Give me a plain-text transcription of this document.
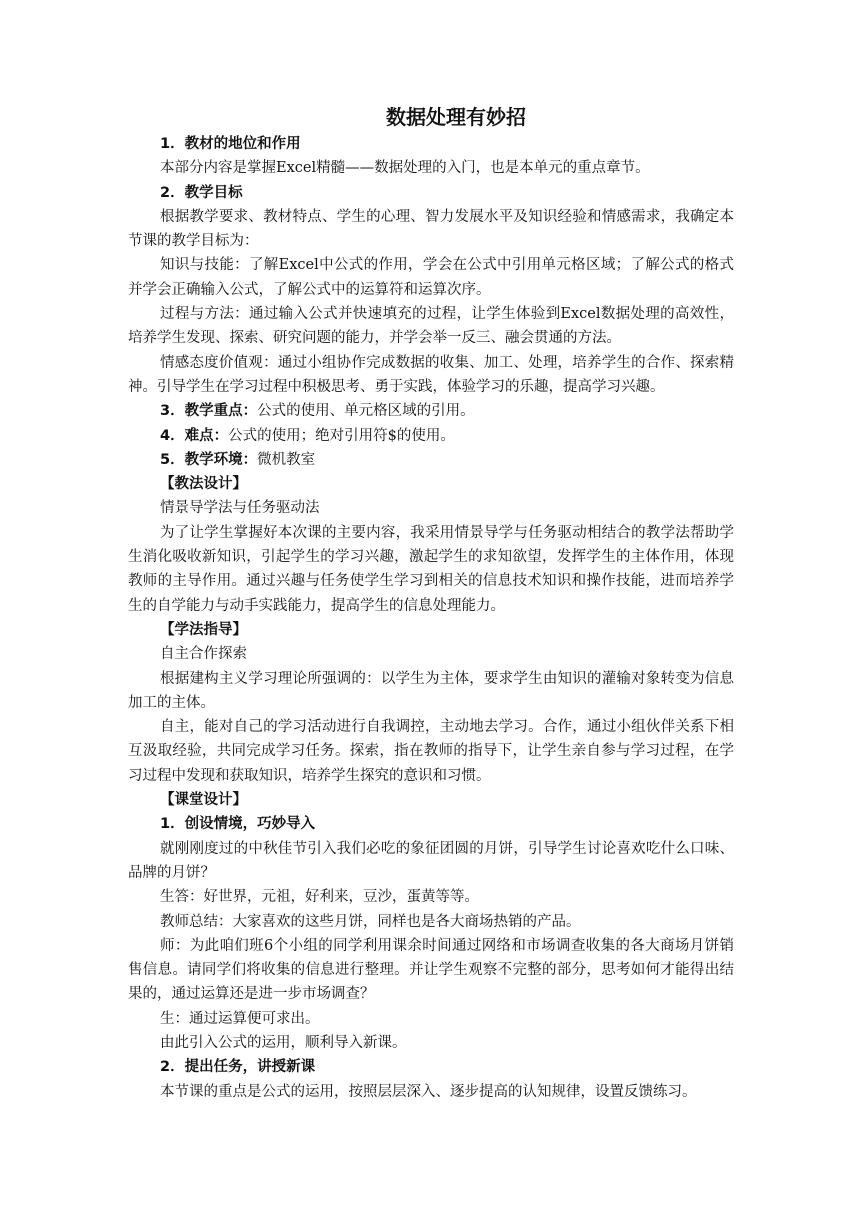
数据处理有妙招

1．教材的地位和作用

本部分内容是掌握Excel精髓——数据处理的入门，也是本单元的重点章节。

2．教学目标

根据教学要求、教材特点、学生的心理、智力发展水平及知识经验和情感需求，我确定本节课的教学目标为：

知识与技能：了解Excel中公式的作用，学会在公式中引用单元格区域；了解公式的格式并学会正确输入公式，了解公式中的运算符和运算次序。

过程与方法：通过输入公式并快速填充的过程，让学生体验到Excel数据处理的高效性，培养学生发现、探索、研究问题的能力，并学会举一反三、融会贯通的方法。

情感态度价值观：通过小组协作完成数据的收集、加工、处理，培养学生的合作、探索精神。引导学生在学习过程中积极思考、勇于实践，体验学习的乐趣，提高学习兴趣。

3．教学重点：公式的使用、单元格区域的引用。

4．难点：公式的使用；绝对引用符$的使用。

5．教学环境：微机教室

【教法设计】

情景导学法与任务驱动法

为了让学生掌握好本次课的主要内容，我采用情景导学与任务驱动相结合的教学法帮助学生消化吸收新知识，引起学生的学习兴趣，激起学生的求知欲望，发挥学生的主体作用，体现教师的主导作用。通过兴趣与任务使学生学习到相关的信息技术知识和操作技能，进而培养学生的自学能力与动手实践能力，提高学生的信息处理能力。

【学法指导】

自主合作探索

根据建构主义学习理论所强调的：以学生为主体，要求学生由知识的灌输对象转变为信息加工的主体。

自主，能对自己的学习活动进行自我调控，主动地去学习。合作，通过小组伙伴关系下相互汲取经验，共同完成学习任务。探索，指在教师的指导下，让学生亲自参与学习过程，在学习过程中发现和获取知识，培养学生探究的意识和习惯。

【课堂设计】

1．创设情境，巧妙导入

就刚刚度过的中秋佳节引入我们必吃的象征团圆的月饼，引导学生讨论喜欢吃什么口味、品牌的月饼？

生答：好世界，元祖，好利来，豆沙，蛋黄等等。

教师总结：大家喜欢的这些月饼，同样也是各大商场热销的产品。

师：为此咱们班6个小组的同学利用课余时间通过网络和市场调查收集的各大商场月饼销售信息。请同学们将收集的信息进行整理。并让学生观察不完整的部分，思考如何才能得出结果的，通过运算还是进一步市场调查？

生：通过运算便可求出。

由此引入公式的运用，顺利导入新课。

2．提出任务，讲授新课

本节课的重点是公式的运用，按照层层深入、逐步提高的认知规律，设置反馈练习。
